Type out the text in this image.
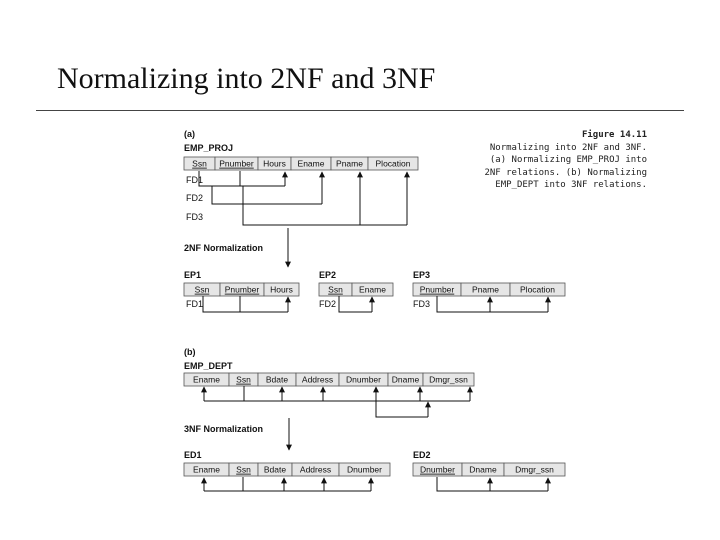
Normalizing into 2NF and 3NF
Figure 14.11
Normalizing into 2NF and 3NF.
(a) Normalizing EMP_PROJ into
2NF relations. (b) Normalizing
EMP_DEPT into 3NF relations.
(a)
EMP_PROJ
Ssn Pnumber Hours Ename Pname Plocation
FD1
FD2
FD3
2NF Normalization
EP1	EP2	EP3
Ssn Pnumber Hours	Ssn Ename	Pnumber Pname Plocation
FD1	FD2	FD3
(b)
EMP_DEPT
Ename Ssn Bdate Address Dnumber Dname Dmgr_ssn
3NF Normalization
ED1	ED2
Ename Ssn Bdate Address Dnumber	Dnumber Dname Dmgr_ssn
